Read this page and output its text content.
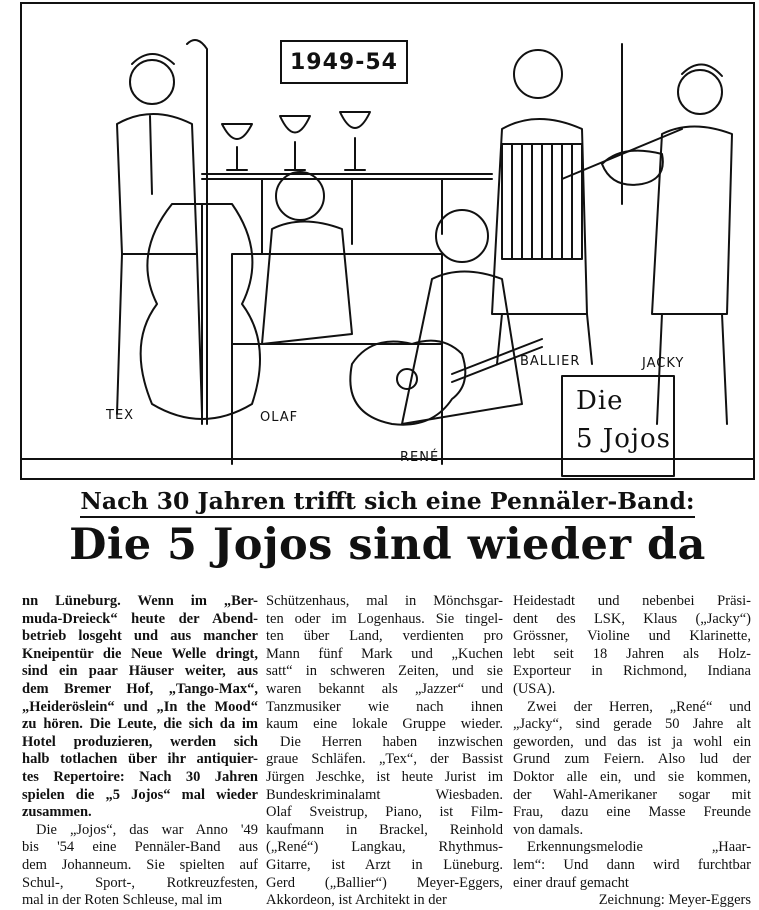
1949-54
TEX	OLAF
RENÉ
BALLIER	JACKY
Die
5 Jojos
Nach 30 Jahren trifft sich eine Pennäler-Band:
Die 5 Jojos sind wieder da
nn Lüneburg. Wenn im „Ber-
muda-Dreieck“ heute der Abend-
betrieb losgeht und aus mancher
Kneipentür die Neue Welle dringt,
sind ein paar Häuser weiter, aus
dem Bremer Hof, „Tango-Max“,
„Heideröslein“ und „In the Mood“
zu hören. Die Leute, die sich da im
Hotel produzieren, werden sich
halb totlachen über ihr antiquier-
tes Repertoire: Nach 30 Jahren
spielen die „5 Jojos“ mal wieder
zusammen.
Die „Jojos“, das war Anno '49
bis '54 eine Pennäler-Band aus
dem Johanneum. Sie spielten auf
Schul-, Sport-, Rotkreuzfesten,
mal in der Roten Schleuse, mal im
Schützenhaus, mal in Mönchsgar-
ten oder im Logenhaus. Sie tingel-
ten über Land, verdienten pro
Mann fünf Mark und „Kuchen
satt“ in schweren Zeiten, und sie
waren bekannt als „Jazzer“ und
Tanzmusiker wie nach ihnen
kaum eine lokale Gruppe wieder.
Die Herren haben inzwischen
graue Schläfen. „Tex“, der Bassist
Jürgen Jeschke, ist heute Jurist im
Bundeskriminalamt Wiesbaden.
Olaf Sveistrup, Piano, ist Film-
kaufmann in Brackel, Reinhold
(„René“) Langkau, Rhythmus-
Gitarre, ist Arzt in Lüneburg.
Gerd („Ballier“) Meyer-Eggers,
Akkordeon, ist Architekt in der
Heidestadt und nebenbei Präsi-
dent des LSK, Klaus („Jacky“)
Grössner, Violine und Klarinette,
lebt seit 18 Jahren als Holz-
Exporteur in Richmond, Indiana
(USA).
Zwei der Herren, „René“ und
„Jacky“, sind gerade 50 Jahre alt
geworden, und das ist ja wohl ein
Grund zum Feiern. Also lud der
Doktor alle ein, und sie kommen,
der Wahl-Amerikaner sogar mit
Frau, dazu eine Masse Freunde
von damals.
Erkennungsmelodie „Haar-
lem“: Und dann wird furchtbar
einer drauf gemacht
Zeichnung: Meyer-Eggers
